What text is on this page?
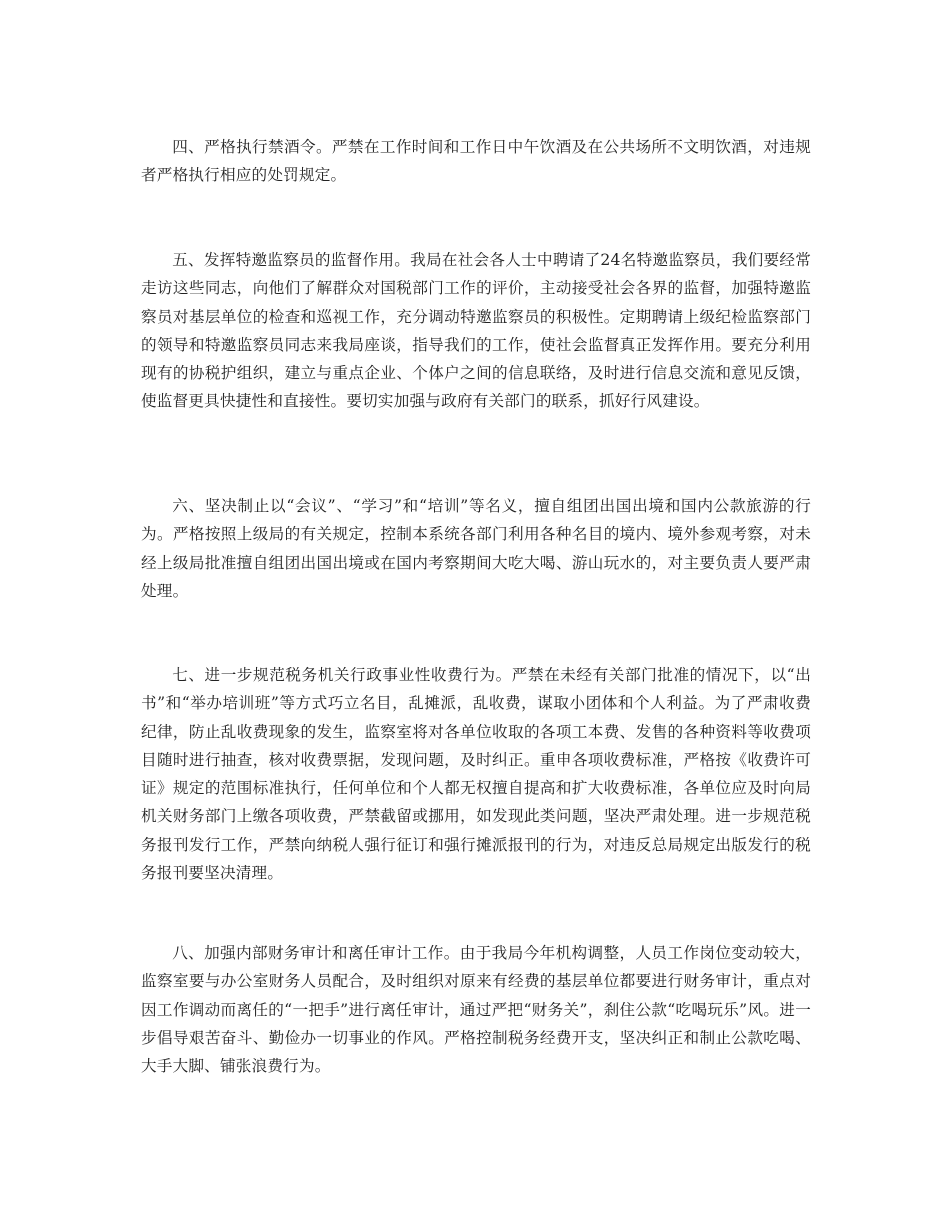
四、严格执行禁酒令。严禁在工作时间和工作日中午饮酒及在公共场所不文明饮酒，对违规者严格执行相应的处罚规定。

五、发挥特邀监察员的监督作用。我局在社会各人士中聘请了24名特邀监察员，我们要经常走访这些同志，向他们了解群众对国税部门工作的评价，主动接受社会各界的监督，加强特邀监察员对基层单位的检查和巡视工作，充分调动特邀监察员的积极性。定期聘请上级纪检监察部门的领导和特邀监察员同志来我局座谈，指导我们的工作，使社会监督真正发挥作用。要充分利用现有的协税护组织，建立与重点企业、个体户之间的信息联络，及时进行信息交流和意见反馈，使监督更具快捷性和直接性。要切实加强与政府有关部门的联系，抓好行风建设。

六、坚决制止以“会议”、“学习”和“培训”等名义，擅自组团出国出境和国内公款旅游的行为。严格按照上级局的有关规定，控制本系统各部门利用各种名目的境内、境外参观考察，对未经上级局批准擅自组团出国出境或在国内考察期间大吃大喝、游山玩水的，对主要负责人要严肃处理。

七、进一步规范税务机关行政事业性收费行为。严禁在未经有关部门批准的情况下，以“出书”和“举办培训班”等方式巧立名目，乱摊派，乱收费，谋取小团体和个人利益。为了严肃收费纪律，防止乱收费现象的发生，监察室将对各单位收取的各项工本费、发售的各种资料等收费项目随时进行抽查，核对收费票据，发现问题，及时纠正。重申各项收费标准，严格按《收费许可证》规定的范围标准执行，任何单位和个人都无权擅自提高和扩大收费标准，各单位应及时向局机关财务部门上缴各项收费，严禁截留或挪用，如发现此类问题，坚决严肃处理。进一步规范税务报刊发行工作，严禁向纳税人强行征订和强行摊派报刊的行为，对违反总局规定出版发行的税务报刊要坚决清理。

八、加强内部财务审计和离任审计工作。由于我局今年机构调整，人员工作岗位变动较大，监察室要与办公室财务人员配合，及时组织对原来有经费的基层单位都要进行财务审计，重点对因工作调动而离任的“一把手”进行离任审计，通过严把“财务关”，刹住公款“吃喝玩乐”风。进一步倡导艰苦奋斗、勤俭办一切事业的作风。严格控制税务经费开支，坚决纠正和制止公款吃喝、大手大脚、铺张浪费行为。
